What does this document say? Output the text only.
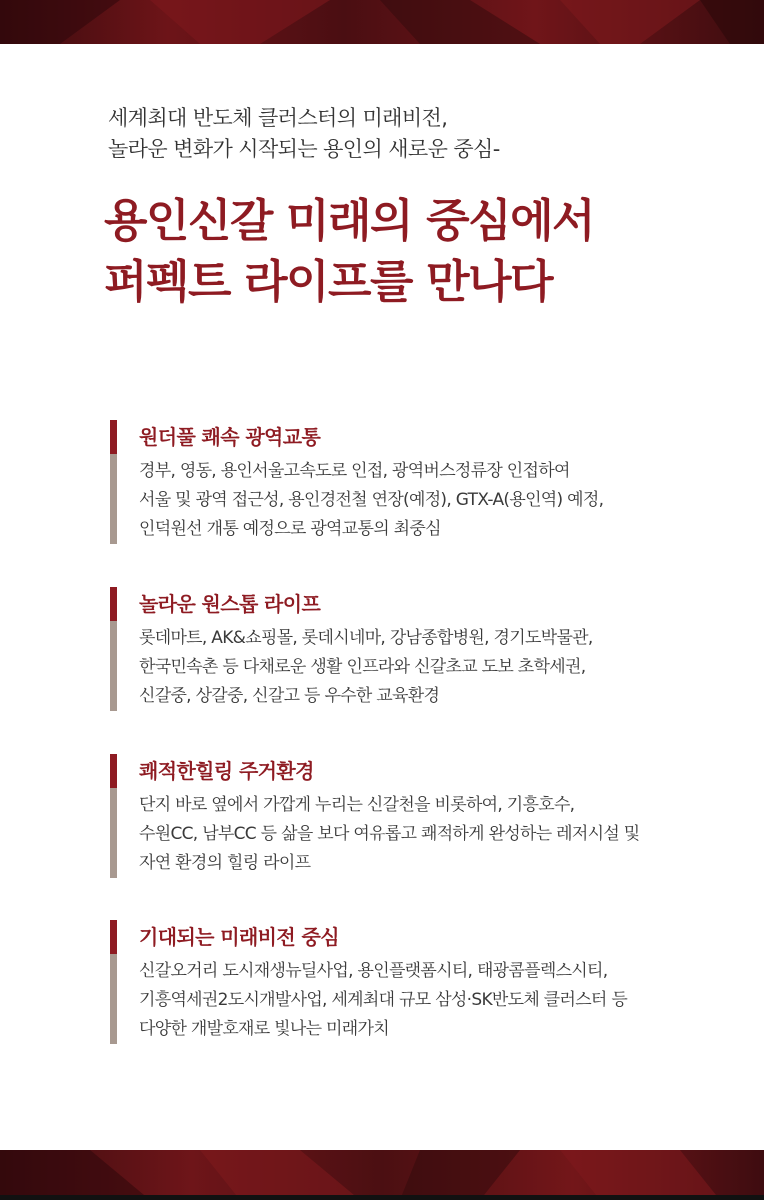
세계최대 반도체 클러스터의 미래비전,
놀라운 변화가 시작되는 용인의 새로운 중심-
용인신갈 미래의 중심에서
퍼펙트 라이프를 만나다
원더풀 쾌속 광역교통
경부, 영동, 용인서울고속도로 인접, 광역버스정류장 인접하여
서울 및 광역 접근성, 용인경전철 연장(예정), GTX-A(용인역) 예정,
인덕원선 개통 예정으로 광역교통의 최중심
놀라운 원스톱 라이프
롯데마트, AK&쇼핑몰, 롯데시네마, 강남종합병원, 경기도박물관,
한국민속촌 등 다채로운 생활 인프라와 신갈초교 도보 초학세권,
신갈중, 상갈중, 신갈고 등 우수한 교육환경
쾌적한힐링 주거환경
단지 바로 옆에서 가깝게 누리는 신갈천을 비롯하여, 기흥호수,
수원CC, 남부CC 등 삶을 보다 여유롭고 쾌적하게 완성하는 레저시설 및
자연 환경의 힐링 라이프
기대되는 미래비전 중심
신갈오거리 도시재생뉴딜사업, 용인플랫폼시티, 태광콤플렉스시티,
기흥역세권2도시개발사업, 세계최대 규모 삼성·SK반도체 클러스터 등
다양한 개발호재로 빛나는 미래가치
